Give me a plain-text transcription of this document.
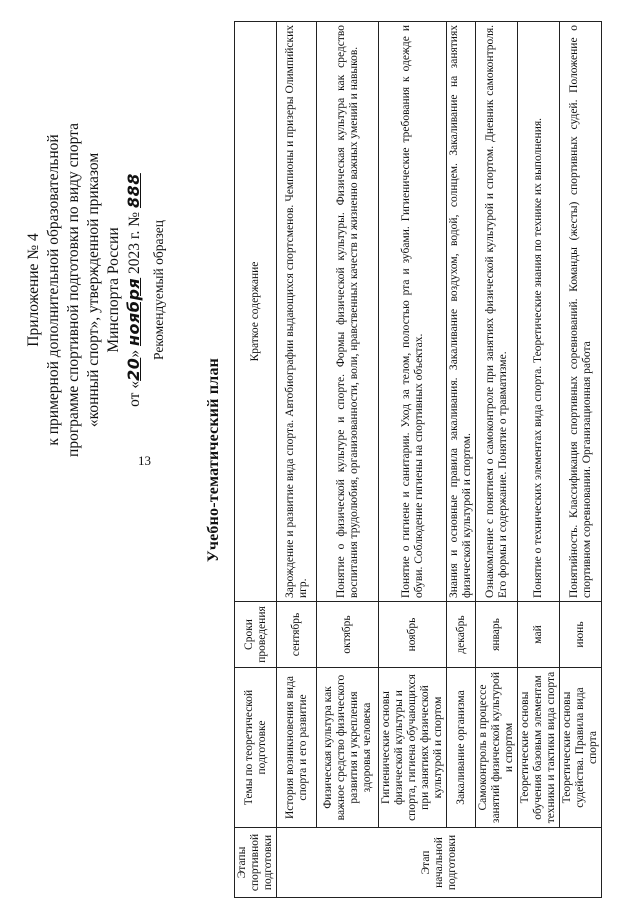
13
Приложение № 4 к примерной дополнительной образовательной программе спортивной подготовки по виду спорта «конный спорт», утвержденной приказом Минспорта России
от «20» ноября 2023 г. № 888
Рекомендуемый образец
Учебно-тематический план
Этапы спортивной подготовки	Темы по теоретической подготовке	Сроки проведения	Краткое содержание
Этап начальной подготовки	История возникновения вида спорта и его развитие	сентябрь	Зарождение и развитие вида спорта. Автобиографии выдающихся спортсменов. Чемпионы и призеры Олимпийских игр.
	Физическая культура как важное средство физического развития и укрепления здоровья человека	октябрь	Понятие о физической культуре и спорте. Формы физической культуры. Физическая культура как средство воспитания трудолюбия, организованности, воли, нравственных качеств и жизненно важных умений и навыков.
	Гигиенические основы физической культуры и спорта, гигиена обучающихся при занятиях физической культурой и спортом	ноябрь	Понятие о гигиене и санитарии. Уход за телом, полостью рта и зубами. Гигиенические требования к одежде и обуви. Соблюдение гигиены на спортивных объектах.
	Закаливание организма	декабрь	Знания и основные правила закаливания. Закаливание воздухом, водой, солнцем. Закаливание на занятиях физической культурой и спортом.
	Самоконтроль в процессе занятий физической культурой и спортом	январь	Ознакомление с понятием о самоконтроле при занятиях физической культурой и спортом. Дневник самоконтроля. Его формы и содержание. Понятие о травматизме.
	Теоретические основы обучения базовым элементам техники и тактики вида спорта	май	Понятие о технических элементах вида спорта. Теоретические знания по технике их выполнения.
	Теоретические основы судейства. Правила вида спорта	июнь	Понятийность. Классификация спортивных соревнований. Команды (жесты) спортивных судей. Положение о спортивном соревновании. Организационная работа
